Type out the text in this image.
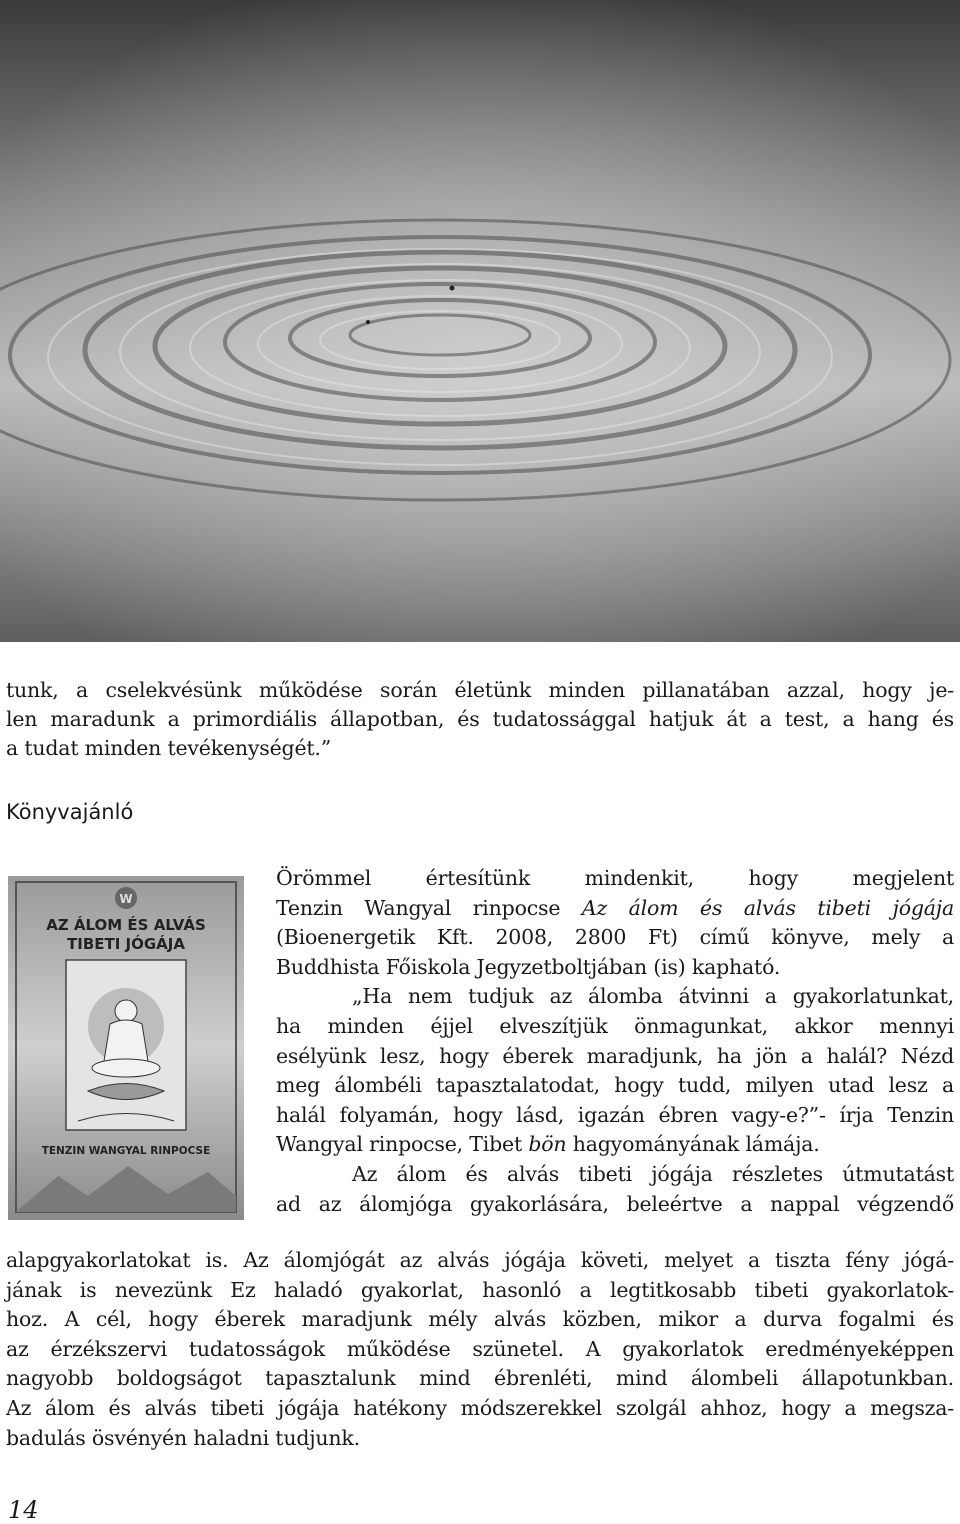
tunk, a cselekvésünk működése során életünk minden pillanatában azzal, hogy je-
len maradunk a primordiális állapotban, és tudatossággal hatjuk át a test, a hang és
a tudat minden tevékenységét.”
Könyvajánló
W
AZ ÁLOM ÉS ALVÁS
TIBETI JÓGÁJA
TENZIN WANGYAL RINPOCSE
Örömmel értesítünk mindenkit, hogy megjelent
Tenzin Wangyal rinpocse Az álom és alvás tibeti jógája
(Bioenergetik Kft. 2008, 2800 Ft) című könyve, mely a
Buddhista Főiskola Jegyzetboltjában (is) kapható.
„Ha nem tudjuk az álomba átvinni a gyakorlatunkat,
ha minden éjjel elveszítjük önmagunkat, akkor mennyi
esélyünk lesz, hogy éberek maradjunk, ha jön a halál? Nézd
meg álombéli tapasztalatodat, hogy tudd, milyen utad lesz a
halál folyamán, hogy lásd, igazán ébren vagy-e?”- írja Tenzin
Wangyal rinpocse, Tibet bön hagyományának lámája.
Az álom és alvás tibeti jógája részletes útmutatást
ad az álomjóga gyakorlására, beleértve a nappal végzendő
alapgyakorlatokat is. Az álomjógát az alvás jógája követi, melyet a tiszta fény jógá-
jának is nevezünk Ez haladó gyakorlat, hasonló a legtitkosabb tibeti gyakorlatok-
hoz. A cél, hogy éberek maradjunk mély alvás közben, mikor a durva fogalmi és
az érzékszervi tudatosságok működése szünetel. A gyakorlatok eredményeképpen
nagyobb boldogságot tapasztalunk mind ébrenléti, mind álombeli állapotunkban.
Az álom és alvás tibeti jógája hatékony módszerekkel szolgál ahhoz, hogy a megsza-
badulás ösvényén haladni tudjunk.
14
